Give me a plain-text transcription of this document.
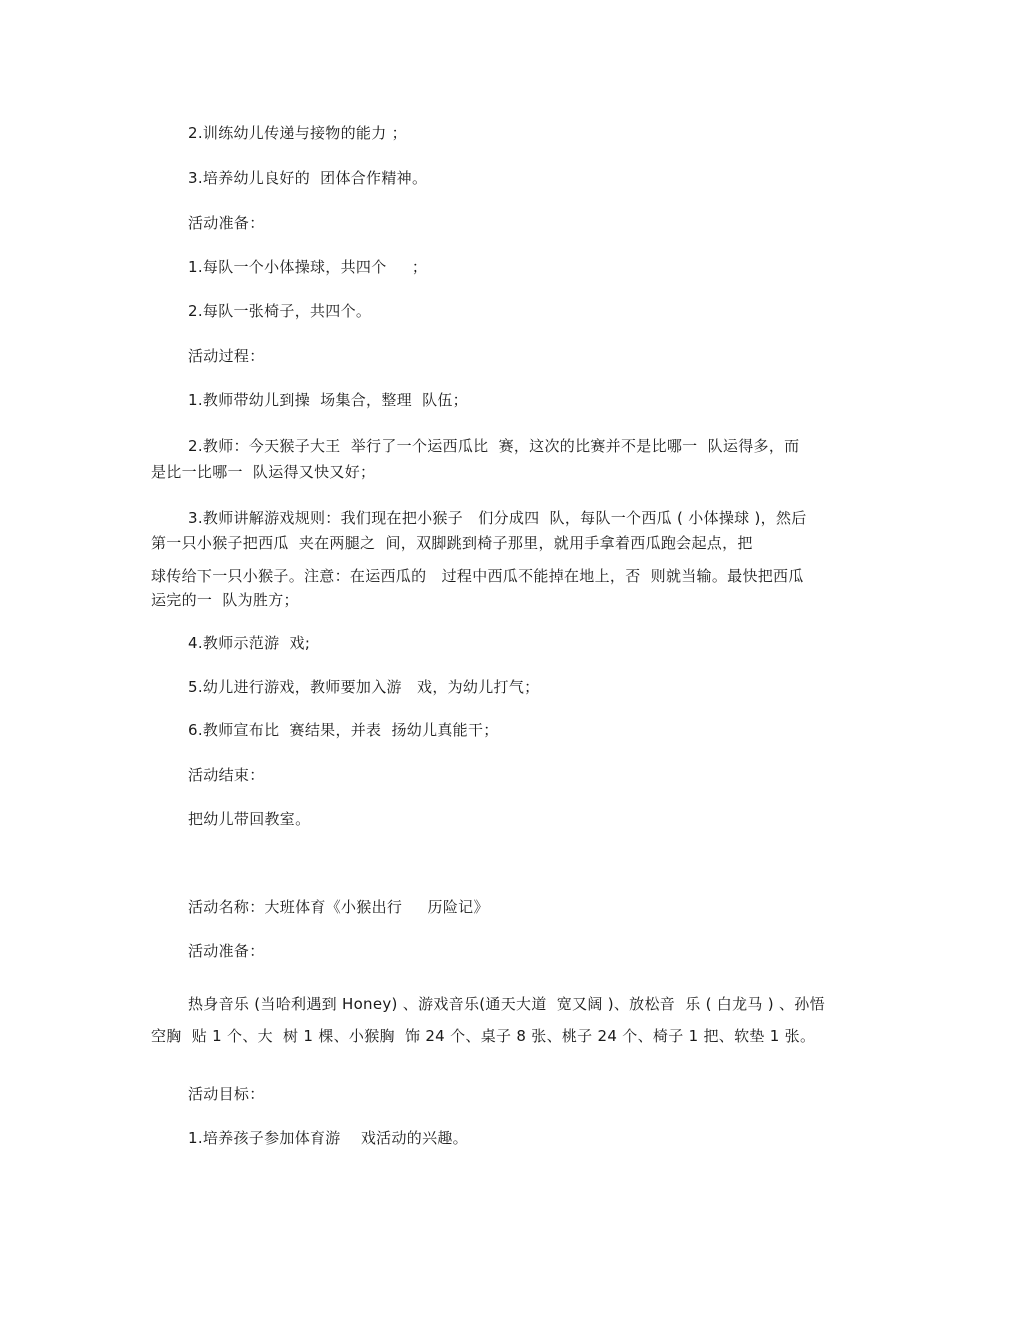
2.训练幼儿传递与接物的能力 ；
3.培养幼儿良好的  团体合作精神。
活动准备：
1.每队一个小体操球，共四个     ；
2.每队一张椅子，共四个。
活动过程：
1.教师带幼儿到操  场集合，整理  队伍；
2.教师：今天猴子大王  举行了一个运西瓜比  赛，这次的比赛并不是比哪一  队运得多，而
是比一比哪一  队运得又快又好；
3.教师讲解游戏规则：我们现在把小猴子   们分成四  队，每队一个西瓜 ( 小体操球 )，然后
第一只小猴子把西瓜  夹在两腿之  间，双脚跳到椅子那里，就用手拿着西瓜跑会起点，把
球传给下一只小猴子。注意：在运西瓜的   过程中西瓜不能掉在地上，否  则就当输。最快把西瓜
运完的一  队为胜方；
4.教师示范游  戏;
5.幼儿进行游戏，教师要加入游   戏，为幼儿打气；
6.教师宣布比  赛结果，并表  扬幼儿真能干；
活动结束：
把幼儿带回教室。
活动名称：大班体育《小猴出行     历险记》
活动准备：
热身音乐 (当哈利遇到 Honey) 、游戏音乐(通天大道  宽又阔 )、放松音  乐 ( 白龙马 ) 、孙悟
空胸  贴 1 个、大  树 1 棵、小猴胸  饰 24 个、桌子 8 张、桃子 24 个、椅子 1 把、软垫 1 张。
活动目标：
1.培养孩子参加体育游    戏活动的兴趣。
